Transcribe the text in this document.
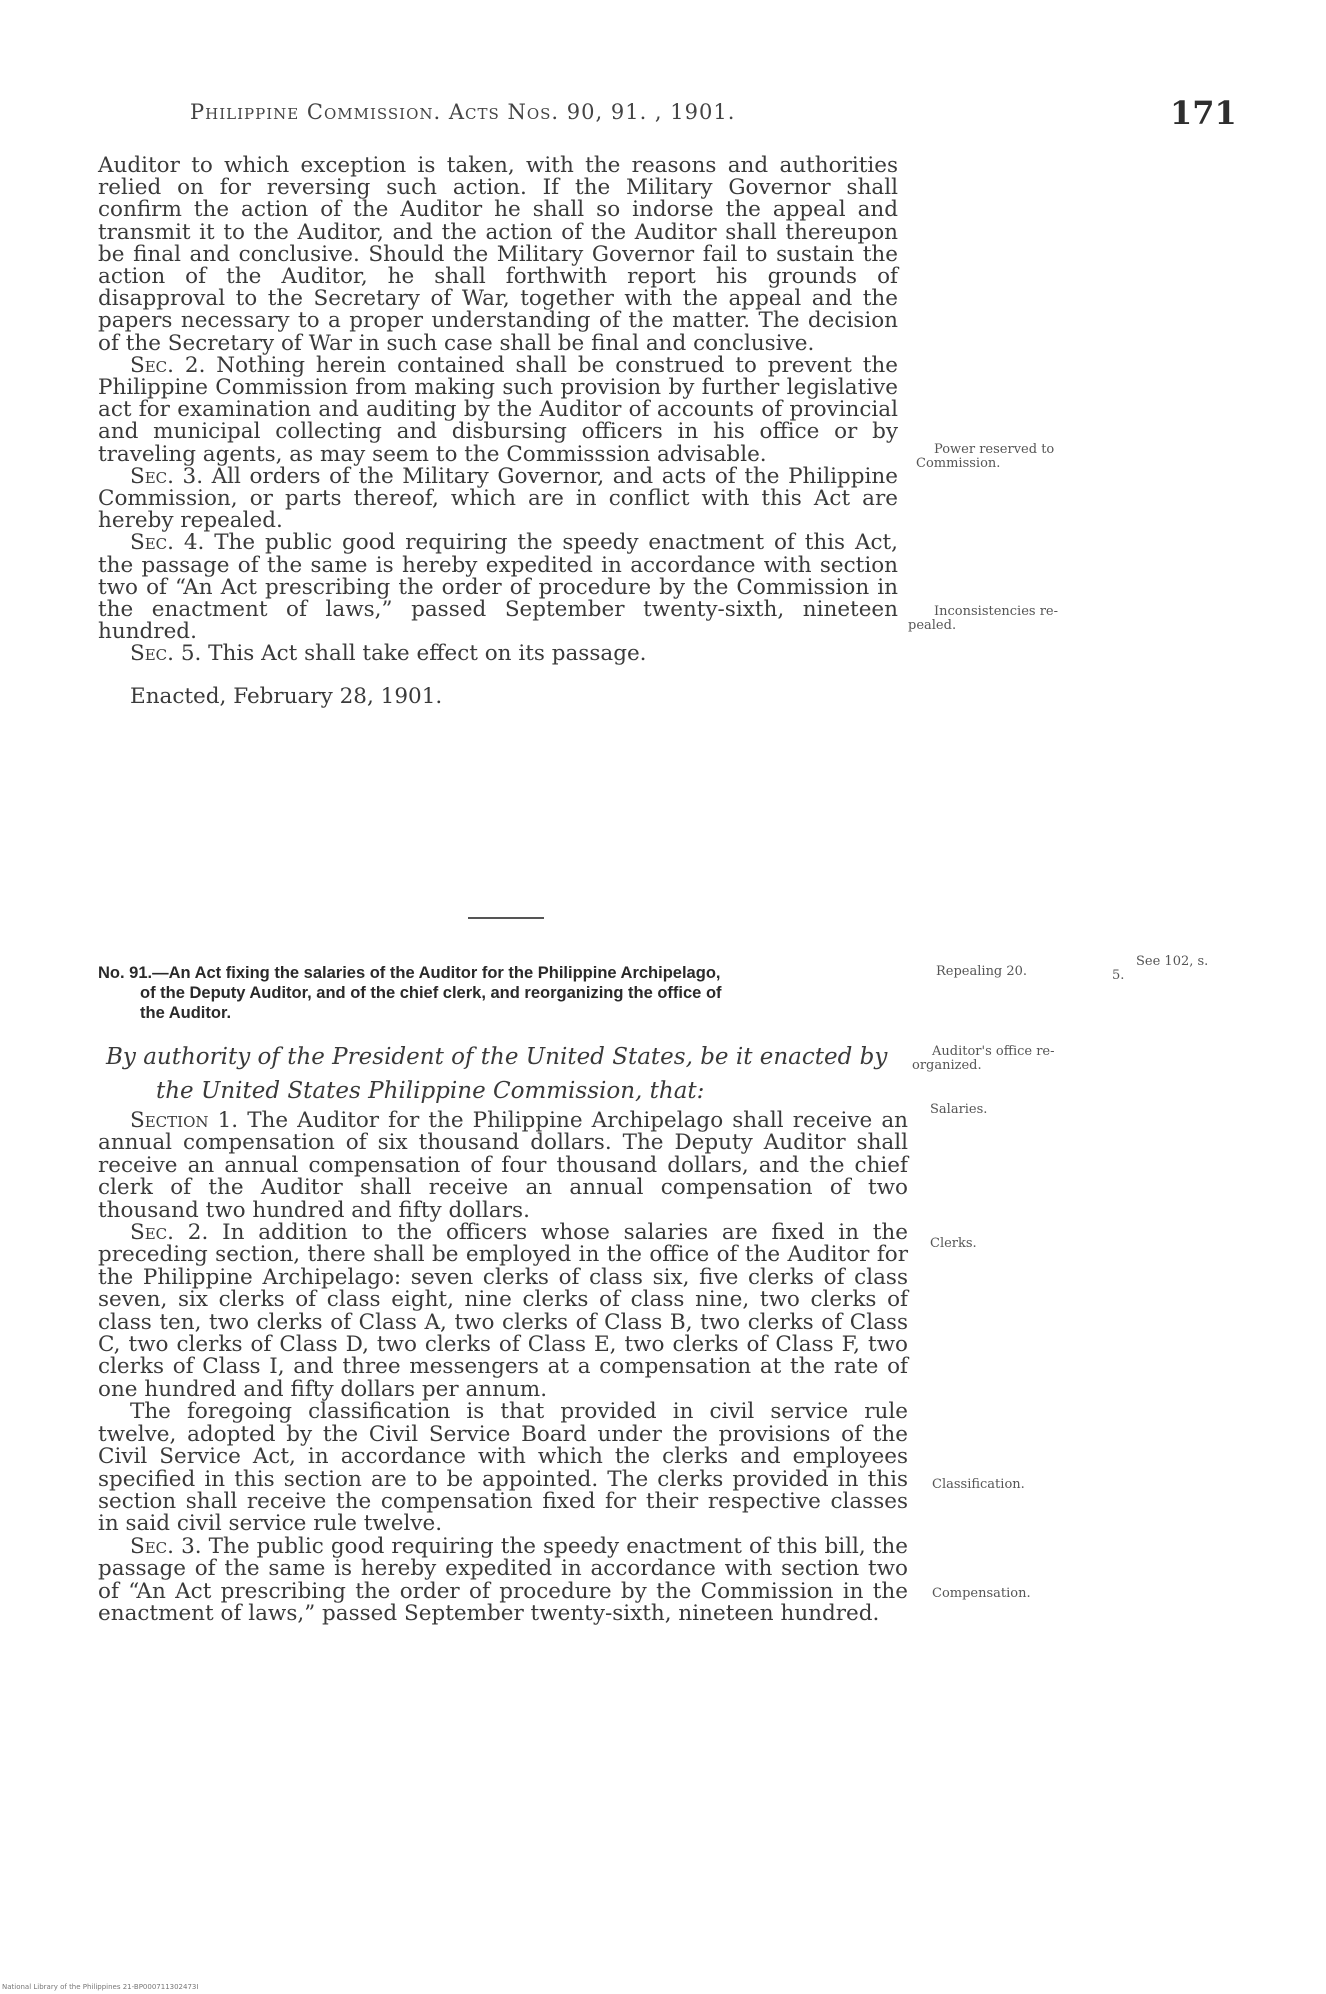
Philippine Commission. Acts Nos. 90, 91. , 1901.	171

Auditor to which exception is taken, with the reasons and authorities relied on for reversing such action. If the Military Governor shall confirm the action of the Auditor he shall so indorse the appeal and transmit it to the Auditor, and the action of the Auditor shall thereupon be final and conclusive. Should the Military Governor fail to sustain the action of the Auditor, he shall forthwith report his grounds of disapproval to the Secretary of War, together with the appeal and the papers necessary to a proper understanding of the matter. The decision of the Secretary of War in such case shall be final and conclusive.

Sec. 2. Nothing herein contained shall be construed to prevent the Philippine Commission from making such provision by further legislative act for examination and auditing by the Auditor of accounts of provincial and municipal collecting and disbursing officers in his office or by traveling agents, as may seem to the Commisssion advisable.

Sec. 3. All orders of the Military Governor, and acts of the Philippine Commission, or parts thereof, which are in conflict with this Act are hereby repealed.

Sec. 4. The public good requiring the speedy enactment of this Act, the passage of the same is hereby expedited in accordance with section two of “An Act prescribing the order of procedure by the Commission in the enactment of laws,” passed September twenty-sixth, nineteen hundred.

Sec. 5. This Act shall take effect on its passage.

Enacted, February 28, 1901.

No. 91.—An Act fixing the salaries of the Auditor for the Philippine Archipelago,
of the Deputy Auditor, and of the chief clerk, and reorganizing the office of
the Auditor.
By authority of the President of the United States, be it enacted by
the United States Philippine Commission, that:

Section 1. The Auditor for the Philippine Archipelago shall receive an annual compensation of six thousand dollars. The Deputy Auditor shall receive an annual compensation of four thousand dollars, and the chief clerk of the Auditor shall receive an annual compensation of two thousand two hundred and fifty dollars.

Sec. 2. In addition to the officers whose salaries are fixed in the preceding section, there shall be employed in the office of the Auditor for the Philippine Archipelago: seven clerks of class six, five clerks of class seven, six clerks of class eight, nine clerks of class nine, two clerks of class ten, two clerks of Class A, two clerks of Class B, two clerks of Class C, two clerks of Class D, two clerks of Class E, two clerks of Class F, two clerks of Class I, and three messengers at a compensation at the rate of one hundred and fifty dollars per annum.

The foregoing classification is that provided in civil service rule twelve, adopted by the Civil Service Board under the provisions of the Civil Service Act, in accordance with which the clerks and employees specified in this section are to be appointed. The clerks provided in this section shall receive the compensation fixed for their respective classes in said civil service rule twelve.

Sec. 3. The public good requiring the speedy enactment of this bill, the passage of the same is hereby expedited in accordance with section two of “An Act prescribing the order of procedure by the Commission in the enactment of laws,” passed September twenty-sixth, nineteen hundred.

Power reserved to
Commission.
Inconsistencies re-
pealed.
Repealing 20.
See 102, s.
5.
Auditor's office re-
organized.
Salaries.
Clerks.
Classification.
Compensation.
National Library of the Philippines 21-BP000711302473I
